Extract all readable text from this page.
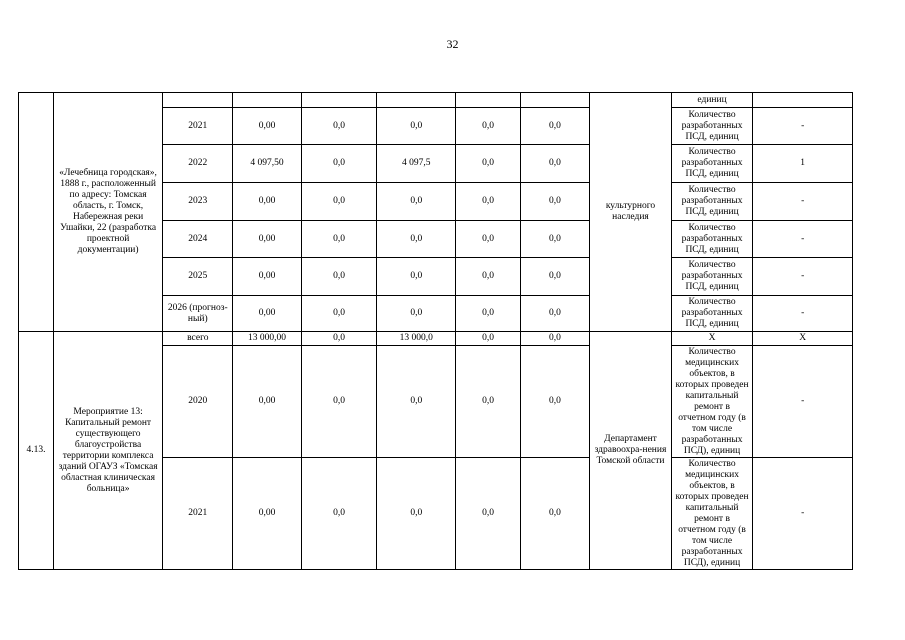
32
	«Лечебница городская», 1888 г., расположенный по адресу: Томская область, г. Томск, Набережная реки Ушайки, 22 (разработка проектной документации)							культурного наследия	единиц	
		2021	0,00	0,0	0,0	0,0	0,0		Количество разработанных ПСД, единиц	-
		2022	4 097,50	0,0	4 097,5	0,0	0,0		Количество разработанных ПСД, единиц	1
		2023	0,00	0,0	0,0	0,0	0,0		Количество разработанных ПСД, единиц	-
		2024	0,00	0,0	0,0	0,0	0,0		Количество разработанных ПСД, единиц	-
		2025	0,00	0,0	0,0	0,0	0,0		Количество разработанных ПСД, единиц	-
		2026 (прогноз-ный)	0,00	0,0	0,0	0,0	0,0		Количество разработанных ПСД, единиц	-
4.13.	Мероприятие 13: Капитальный ремонт существующего благоустройства территории комплекса зданий ОГАУЗ «Томская областная клиническая больница»	всего	13 000,00	0,0	13 000,0	0,0	0,0	Департамент здравоохра-нения Томской области	X	X
		2020	0,00	0,0	0,0	0,0	0,0		Количество медицинских объектов, в которых проведен капитальный ремонт в отчетном году (в том числе разработанных ПСД), единиц	-
		2021	0,00	0,0	0,0	0,0	0,0		Количество медицинских объектов, в которых проведен капитальный ремонт в отчетном году (в том числе разработанных ПСД), единиц	-
